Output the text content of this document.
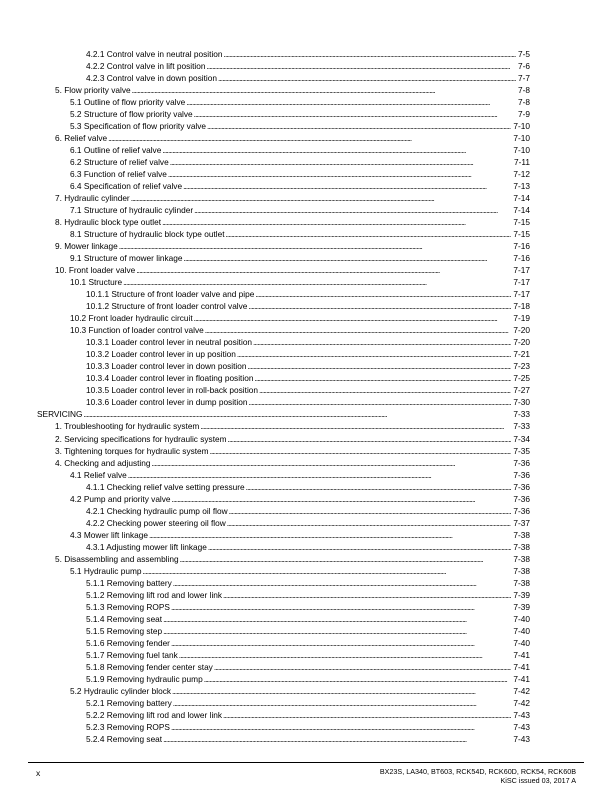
4.2.1 Control valve in neutral position . . .	7-5
4.2.2 Control valve in lift position . . .	7-6
4.2.3 Control valve in down position . . .	7-7
5. Flow priority valve . . .	7-8
5.1 Outline of flow priority valve . . .	7-8
5.2 Structure of flow priority valve . . .	7-9
5.3 Specification of flow priority valve . . .	7-10
6. Relief valve . . .	7-10
6.1 Outline of relief valve . . .	7-10
6.2 Structure of relief valve . . .	7-11
6.3 Function of relief valve . . .	7-12
6.4 Specification of relief valve . . .	7-13
7. Hydraulic cylinder . . .	7-14
7.1 Structure of hydraulic cylinder . . .	7-14
8. Hydraulic block type outlet . . .	7-15
8.1 Structure of hydraulic block type outlet . . .	7-15
9. Mower linkage . . .	7-16
9.1 Structure of mower linkage . . .	7-16
10. Front loader valve . . .	7-17
10.1 Structure . . .	7-17
10.1.1 Structure of front loader valve and pipe . . .	7-17
10.1.2 Structure of front loader control valve . . .	7-18
10.2 Front loader hydraulic circuit . . .	7-19
10.3 Function of loader control valve . . .	7-20
10.3.1 Loader control lever in neutral position . . .	7-20
10.3.2 Loader control lever in up position . . .	7-21
10.3.3 Loader control lever in down position . . .	7-23
10.3.4 Loader control lever in floating position . . .	7-25
10.3.5 Loader control lever in roll-back position . . .	7-27
10.3.6 Loader control lever in dump position . . .	7-30
SERVICING . . .	7-33
1. Troubleshooting for hydraulic system . . .	7-33
2. Servicing specifications for hydraulic system . . .	7-34
3. Tightening torques for hydraulic system . . .	7-35
4. Checking and adjusting . . .	7-36
4.1 Relief valve . . .	7-36
4.1.1 Checking relief valve setting pressure . . .	7-36
4.2 Pump and priority valve . . .	7-36
4.2.1 Checking hydraulic pump oil flow . . .	7-36
4.2.2 Checking power steering oil flow . . .	7-37
4.3 Mower lift linkage . . .	7-38
4.3.1 Adjusting mower lift linkage . . .	7-38
5. Disassembling and assembling . . .	7-38
5.1 Hydraulic pump . . .	7-38
5.1.1 Removing battery . . .	7-38
5.1.2 Removing lift rod and lower link . . .	7-39
5.1.3 Removing ROPS . . .	7-39
5.1.4 Removing seat . . .	7-40
5.1.5 Removing step . . .	7-40
5.1.6 Removing fender . . .	7-40
5.1.7 Removing fuel tank . . .	7-41
5.1.8 Removing fender center stay . . .	7-41
5.1.9 Removing hydraulic pump . . .	7-41
5.2 Hydraulic cylinder block . . .	7-42
5.2.1 Removing battery . . .	7-42
5.2.2 Removing lift rod and lower link . . .	7-43
5.2.3 Removing ROPS . . .	7-43
5.2.4 Removing seat . . .	7-43
x	BX23S, LA340, BT603, RCK54D, RCK60D, RCK54, RCK60B
KiSC issued 03, 2017 A
